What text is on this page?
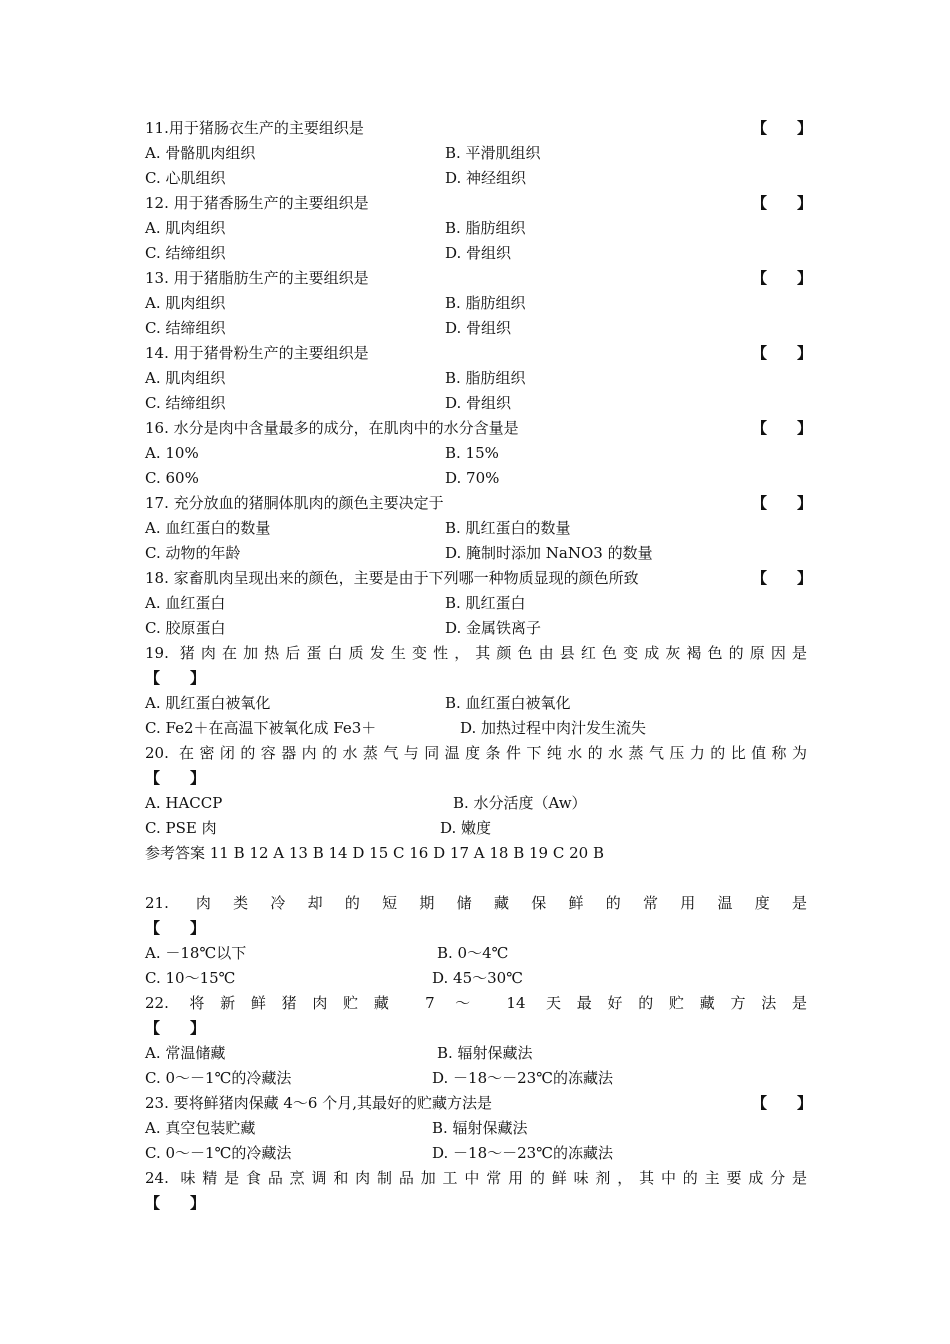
11.用于猪肠衣生产的主要组织是	【　　】
A. 骨骼肌肉组织	B. 平滑肌组织
C. 心肌组织	D. 神经组织
12. 用于猪香肠生产的主要组织是	【　　】
A. 肌肉组织	B. 脂肪组织
C. 结缔组织	D. 骨组织
13. 用于猪脂肪生产的主要组织是	【　　】
A. 肌肉组织	B. 脂肪组织
C. 结缔组织	D. 骨组织
14. 用于猪骨粉生产的主要组织是	【　　】
A. 肌肉组织	B. 脂肪组织
C. 结缔组织	D. 骨组织
16. 水分是肉中含量最多的成分，在肌肉中的水分含量是	【　　】
A. 10%	B. 15%
C. 60%	D. 70%
17. 充分放血的猪胴体肌肉的颜色主要决定于	【　　】
A. 血红蛋白的数量	B. 肌红蛋白的数量
C. 动物的年龄	D. 腌制时添加 NaNO3 的数量
18. 家畜肌肉呈现出来的颜色，主要是由于下列哪一种物质显现的颜色所致	【　　】
A. 血红蛋白	B. 肌红蛋白
C. 胶原蛋白	D. 金属铁离子
19. 猪肉在加热后蛋白质发生变性，其颜色由县红色变成灰褐色的原因是
【　　】
A. 肌红蛋白被氧化	B. 血红蛋白被氧化
C. Fe2＋在高温下被氧化成 Fe3＋	D. 加热过程中肉汁发生流失
20. 在密闭的容器内的水蒸气与同温度条件下纯水的水蒸气压力的比值称为
【　　】
A. HACCP	B. 水分活度（Aw）
C. PSE 肉	D. 嫩度
参考答案 11 B 12 A 13 B 14 D 15 C 16 D 17 A 18 B 19 C 20 B
21. 肉类冷却的短期储藏保鲜的常用温度是
【　　】
A. －18℃以下	B. 0～4℃
C. 10～15℃	D. 45～30℃
22. 将新鲜猪肉贮藏 7 ～ 14 天最好的贮藏方法是
【　　】
A. 常温储藏	B. 辐射保藏法
C. 0～－1℃的冷藏法	D. －18～－23℃的冻藏法
23. 要将鲜猪肉保藏 4～6 个月,其最好的贮藏方法是	【　　】
A. 真空包装贮藏	B. 辐射保藏法
C. 0～－1℃的冷藏法	D. －18～－23℃的冻藏法
24. 味精是食品烹调和肉制品加工中常用的鲜味剂，其中的主要成分是
【　　】
